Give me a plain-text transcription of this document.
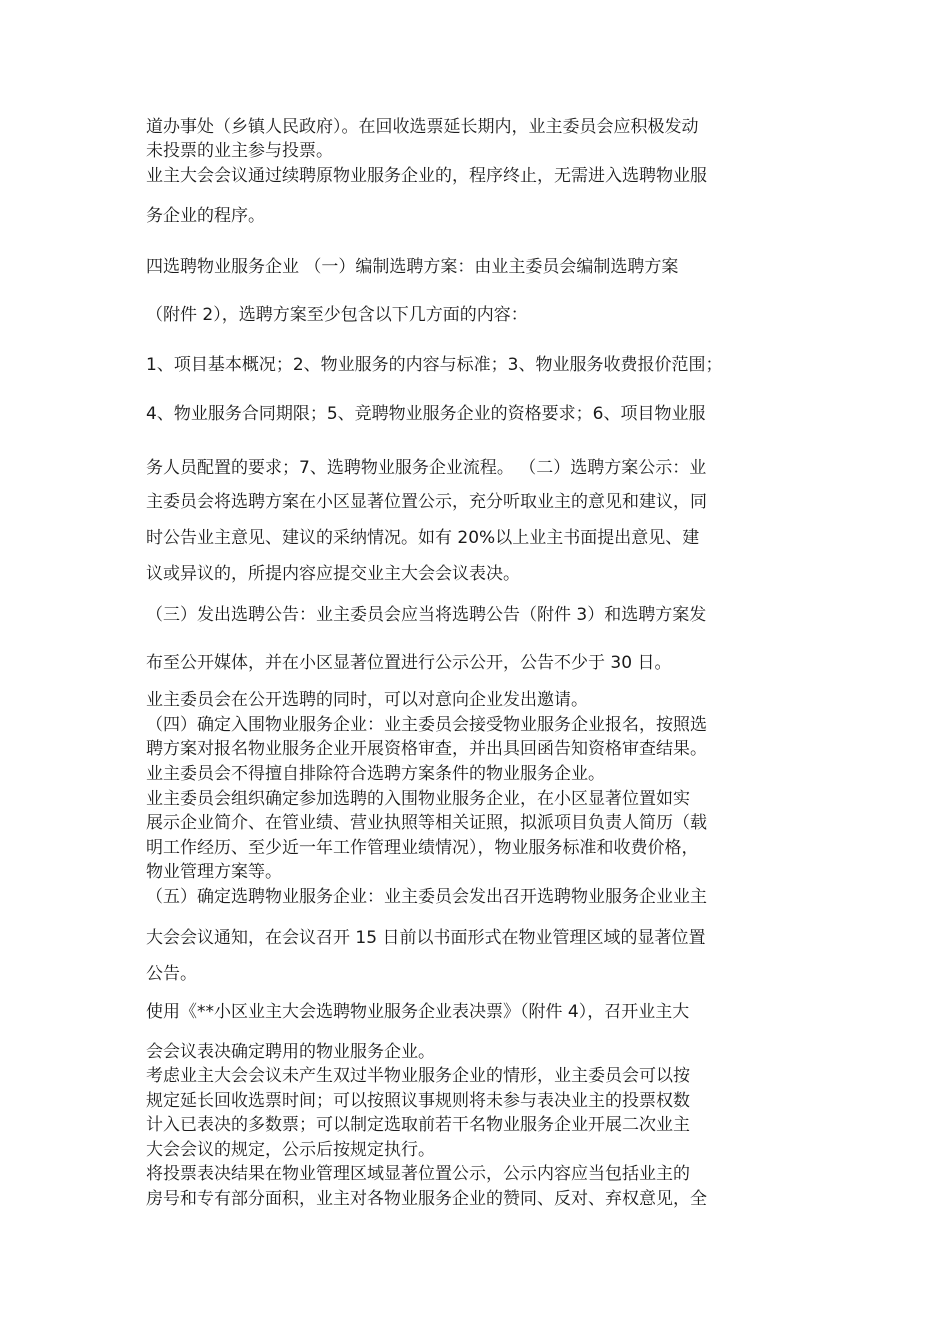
道办事处（乡镇人民政府）。在回收选票延长期内，业主委员会应积极发动

未投票的业主参与投票。

业主大会会议通过续聘原物业服务企业的，程序终止，无需进入选聘物业服

务企业的程序。

四选聘物业服务企业 （一）编制选聘方案：由业主委员会编制选聘方案

（附件 2），选聘方案至少包含以下几方面的内容：

1、项目基本概况；2、物业服务的内容与标准；3、物业服务收费报价范围；

4、物业服务合同期限；5、竞聘物业服务企业的资格要求；6、项目物业服

务人员配置的要求；7、选聘物业服务企业流程。 （二）选聘方案公示：业

主委员会将选聘方案在小区显著位置公示，充分听取业主的意见和建议，同

时公告业主意见、建议的采纳情况。如有 20%以上业主书面提出意见、建

议或异议的，所提内容应提交业主大会会议表决。

（三）发出选聘公告：业主委员会应当将选聘公告（附件 3）和选聘方案发

布至公开媒体，并在小区显著位置进行公示公开，公告不少于 30 日。

业主委员会在公开选聘的同时，可以对意向企业发出邀请。

（四）确定入围物业服务企业：业主委员会接受物业服务企业报名，按照选

聘方案对报名物业服务企业开展资格审查，并出具回函告知资格审查结果。

业主委员会不得擅自排除符合选聘方案条件的物业服务企业。

业主委员会组织确定参加选聘的入围物业服务企业，在小区显著位置如实

展示企业简介、在管业绩、营业执照等相关证照，拟派项目负责人简历（载

明工作经历、至少近一年工作管理业绩情况），物业服务标准和收费价格，

物业管理方案等。

（五）确定选聘物业服务企业：业主委员会发出召开选聘物业服务企业业主

大会会议通知，在会议召开 15 日前以书面形式在物业管理区域的显著位置

公告。

使用《**小区业主大会选聘物业服务企业表决票》（附件 4），召开业主大

会会议表决确定聘用的物业服务企业。

考虑业主大会会议未产生双过半物业服务企业的情形，业主委员会可以按

规定延长回收选票时间；可以按照议事规则将未参与表决业主的投票权数

计入已表决的多数票；可以制定选取前若干名物业服务企业开展二次业主

大会会议的规定，公示后按规定执行。

将投票表决结果在物业管理区域显著位置公示，公示内容应当包括业主的

房号和专有部分面积，业主对各物业服务企业的赞同、反对、弃权意见，全
